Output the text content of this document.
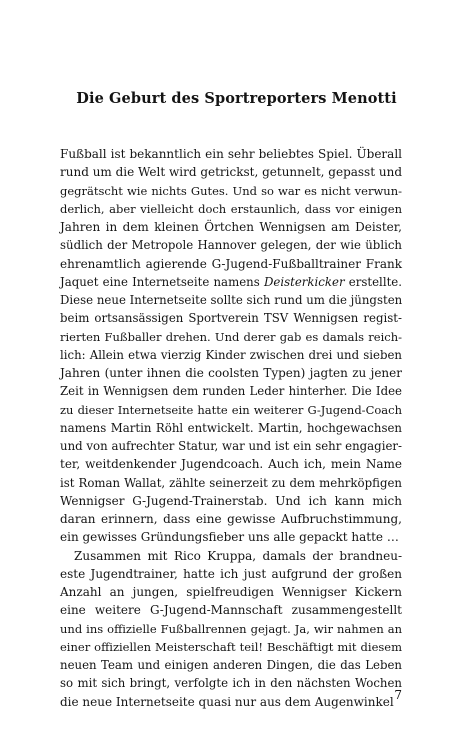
Die Geburt des Sportreporters Menotti
Fußball ist bekanntlich ein sehr beliebtes Spiel. Überall
rund um die Welt wird getrickst, getunnelt, gepasst und
gegrätscht wie nichts Gutes. Und so war es nicht verwun-
derlich, aber vielleicht doch erstaunlich, dass vor einigen
Jahren in dem kleinen Örtchen Wennigsen am Deister,
südlich der Metropole Hannover gelegen, der wie üblich
ehrenamtlich agierende G-Jugend-Fußballtrainer Frank
Jaquet eine Internetseite namens Deisterkicker erstellte.
Diese neue Internetseite sollte sich rund um die jüngsten
beim ortsansässigen Sportverein TSV Wennigsen regist-
rierten Fußballer drehen. Und derer gab es damals reich-
lich: Allein etwa vierzig Kinder zwischen drei und sieben
Jahren (unter ihnen die coolsten Typen) jagten zu jener
Zeit in Wennigsen dem runden Leder hinterher. Die Idee
zu dieser Internetseite hatte ein weiterer G-Jugend-Coach
namens Martin Röhl entwickelt. Martin, hochgewachsen
und von aufrechter Statur, war und ist ein sehr engagier-
ter, weitdenkender Jugendcoach. Auch ich, mein Name
ist Roman Wallat, zählte seinerzeit zu dem mehrköpfigen
Wennigser G-Jugend-Trainerstab. Und ich kann mich
daran erinnern, dass eine gewisse Aufbruchstimmung,
ein gewisses Gründungsfieber uns alle gepackt hatte …
Zusammen mit Rico Kruppa, damals der brandneu-
este Jugendtrainer, hatte ich just aufgrund der großen
Anzahl an jungen, spielfreudigen Wennigser Kickern
eine weitere G-Jugend-Mannschaft zusammengestellt
und ins offizielle Fußballrennen gejagt. Ja, wir nahmen an
einer offiziellen Meisterschaft teil! Beschäftigt mit diesem
neuen Team und einigen anderen Dingen, die das Leben
so mit sich bringt, verfolgte ich in den nächsten Wochen
die neue Internetseite quasi nur aus dem Augenwinkel 7
